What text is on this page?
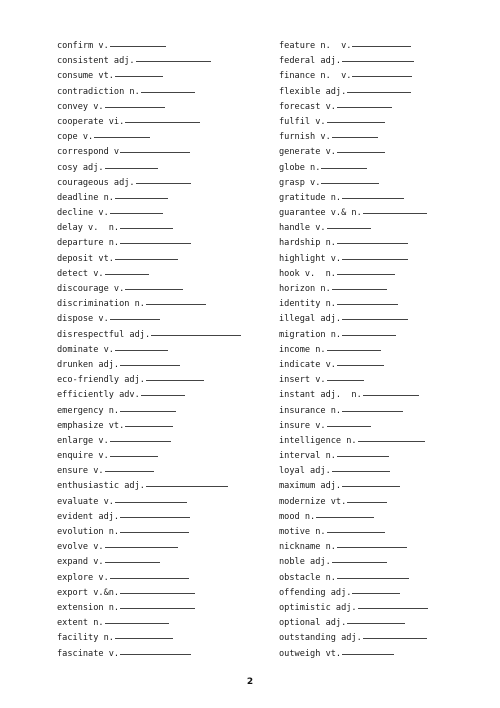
confirm v.
consistent adj.
consume vt.
contradiction n.
convey v.
cooperate vi.
cope v.
correspond v
cosy adj.
courageous adj.
deadline n.
decline v.
delay v.  n.
departure n.
deposit vt.
detect v.
discourage v.
discrimination n.
dispose v.
disrespectful adj.
dominate v.
drunken adj.
eco-friendly adj.
efficiently adv.
emergency n.
emphasize vt.
enlarge v.
enquire v.
ensure v.
enthusiastic adj.
evaluate v.
evident adj.
evolution n.
evolve v.
expand v.
explore v.
export v.&n.
extension n.
extent n.
facility n.
fascinate v.
feature n.  v.
federal adj.
finance n.  v.
flexible adj.
forecast v.
fulfil v.
furnish v.
generate v.
globe n.
grasp v.
gratitude n.
guarantee v.& n.
handle v.
hardship n.
highlight v.
hook v.  n.
horizon n.
identity n.
illegal adj.
migration n.
income n.
indicate v.
insert v.
instant adj.  n.
insurance n.
insure v.
intelligence n.
interval n.
loyal adj.
maximum adj.
modernize vt.
mood n.
motive n.
nickname n.
noble adj.
obstacle n.
offending adj.
optimistic adj.
optional adj.
outstanding adj.
outweigh vt.
2
